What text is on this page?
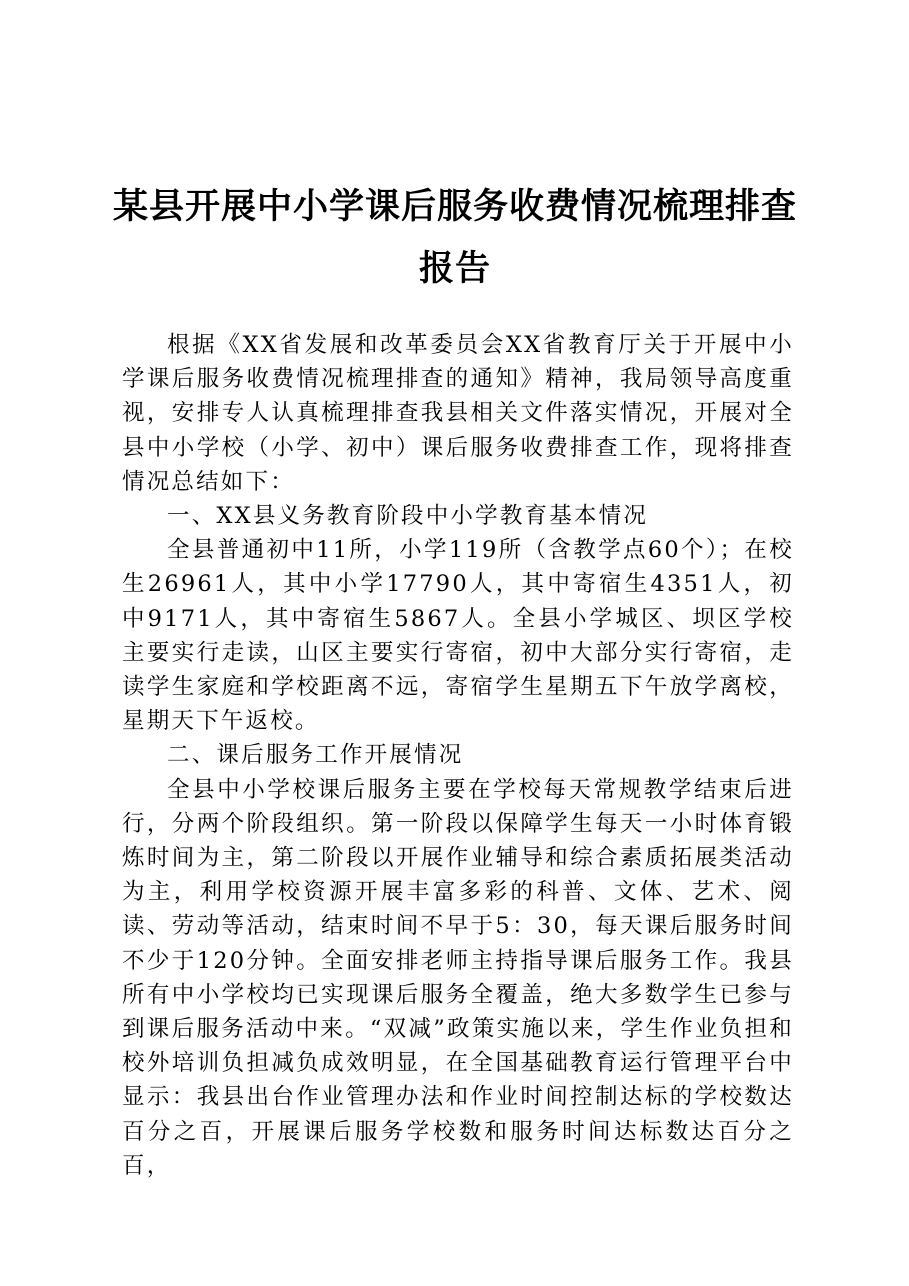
某县开展中小学课后服务收费情况梳理排查报告

根据《XX省发展和改革委员会XX省教育厅关于开展中小学课后服务收费情况梳理排查的通知》精神，我局领导高度重视，安排专人认真梳理排查我县相关文件落实情况，开展对全县中小学校（小学、初中）课后服务收费排查工作，现将排查情况总结如下：

一、XX县义务教育阶段中小学教育基本情况

全县普通初中11所，小学119所（含教学点60个）；在校生26961人，其中小学17790人，其中寄宿生4351人，初中9171人，其中寄宿生5867人。全县小学城区、坝区学校主要实行走读，山区主要实行寄宿，初中大部分实行寄宿，走读学生家庭和学校距离不远，寄宿学生星期五下午放学离校，星期天下午返校。

二、课后服务工作开展情况

全县中小学校课后服务主要在学校每天常规教学结束后进行，分两个阶段组织。第一阶段以保障学生每天一小时体育锻炼时间为主，第二阶段以开展作业辅导和综合素质拓展类活动为主，利用学校资源开展丰富多彩的科普、文体、艺术、阅读、劳动等活动，结束时间不早于5：30，每天课后服务时间不少于120分钟。全面安排老师主持指导课后服务工作。我县所有中小学校均已实现课后服务全覆盖，绝大多数学生已参与到课后服务活动中来。“双减”政策实施以来，学生作业负担和校外培训负担减负成效明显，在全国基础教育运行管理平台中显示：我县出台作业管理办法和作业时间控制达标的学校数达百分之百，开展课后服务学校数和服务时间达标数达百分之百，
